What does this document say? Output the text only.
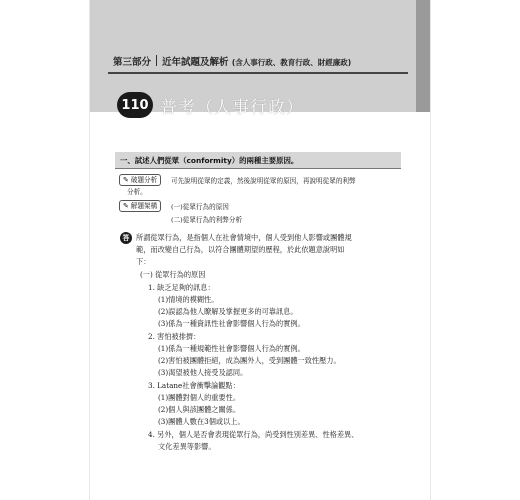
第三部分 近年試題及解析 (含人事行政、教育行政、財經廉政)
110 普考（人事行政）
一、試述人們從眾（conformity）的兩種主要原因。
✎ 破題分析	可先說明從眾的定義，然後說明從眾的原因，再說明從眾的利弊
分析。
✎ 解題架構	(一)從眾行為的原因
(二)從眾行為的利弊分析
答 所謂從眾行為，是指個人在社會情境中，個人受到他人影響或團體規
範，而改變自己行為，以符合團體期望的歷程，於此依題意說明如
下：
(一) 從眾行為的原因
1. 缺乏足夠的訊息：
(1)情境的模糊性。
(2)誤認為他人瞭解及掌握更多的可靠訊息。
(3)係為一種資訊性社會影響個人行為的實例。
2. 害怕被排擠：
(1)係為一種規範性社會影響個人行為的實例。
(2)害怕被團體拒絕，成為團外人，受到團體一致性壓力。
(3)渴望被他人接受及認同。
3. Latane社會衝擊論觀點：
(1)團體對個人的重要性。
(2)個人與該團體之關係。
(3)團體人數在3個或以上。
4. 另外，個人是否會表現從眾行為，尚受到性別差異、性格差異、
文化差異等影響。
